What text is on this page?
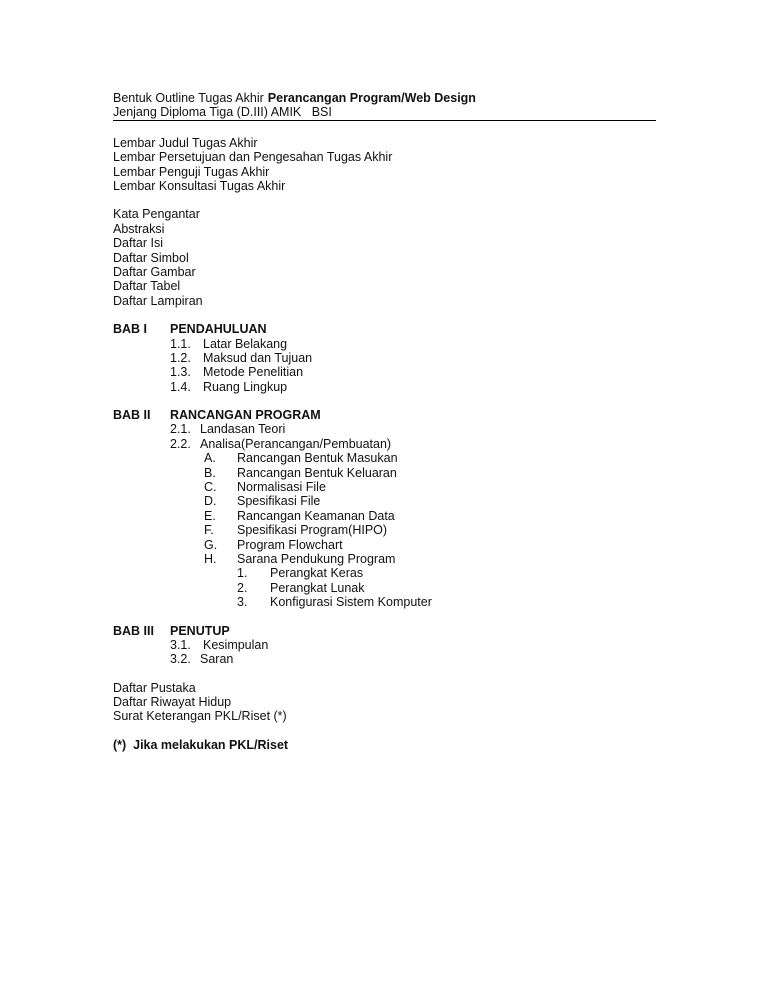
Bentuk Outline Tugas Akhir Perancangan Program/Web Design
Jenjang Diploma Tiga (D.III) AMIK   BSI
Lembar Judul Tugas Akhir
Lembar Persetujuan dan Pengesahan Tugas Akhir
Lembar Penguji Tugas Akhir
Lembar Konsultasi Tugas Akhir
Kata Pengantar
Abstraksi
Daftar Isi
Daftar Simbol
Daftar Gambar
Daftar Tabel
Daftar Lampiran
BAB I	PENDAHULUAN
1.1. Latar Belakang
1.2. Maksud dan Tujuan
1.3. Metode Penelitian
1.4. Ruang Lingkup
BAB II	RANCANGAN PROGRAM
2.1. Landasan Teori
2.2. Analisa(Perancangan/Pembuatan)
A.	Rancangan Bentuk Masukan
B.	Rancangan Bentuk Keluaran
C.	Normalisasi File
D.	Spesifikasi File
E.	Rancangan Keamanan Data
F.	Spesifikasi Program(HIPO)
G.	Program Flowchart
H.	Sarana Pendukung Program
1.	Perangkat Keras
2.	Perangkat Lunak
3.	Konfigurasi Sistem Komputer
BAB III	PENUTUP
3.1. Kesimpulan
3.2. Saran
Daftar Pustaka
Daftar Riwayat Hidup
Surat Keterangan PKL/Riset (*)
(*)  Jika melakukan PKL/Riset
